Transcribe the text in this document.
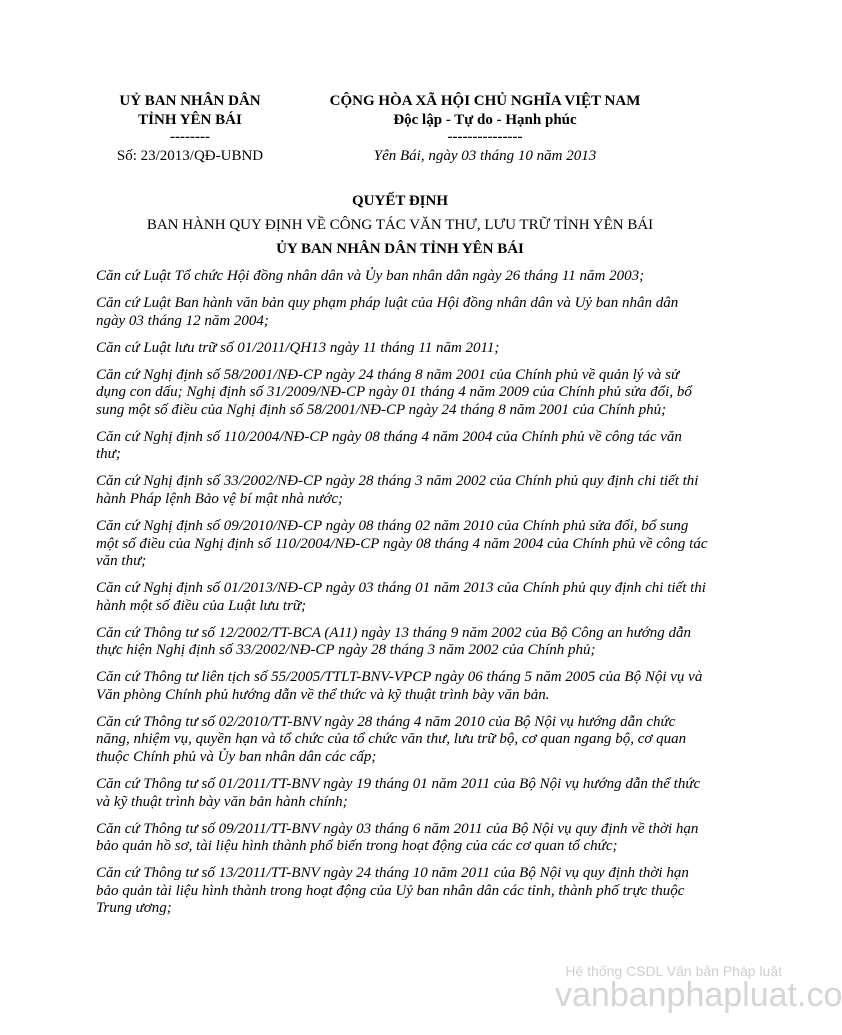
UỶ BAN NHÂN DÂN
TỈNH YÊN BÁI
--------
CỘNG HÒA XÃ HỘI CHỦ NGHĨA VIỆT NAM
Độc lập - Tự do - Hạnh phúc
---------------
Số: 23/2013/QĐ-UBND	Yên Bái, ngày 03 tháng 10 năm 2013
QUYẾT ĐỊNH
BAN HÀNH QUY ĐỊNH VỀ CÔNG TÁC VĂN THƯ, LƯU TRỮ TỈNH YÊN BÁI
ỦY BAN NHÂN DÂN TỈNH YÊN BÁI

Căn cứ Luật Tổ chức Hội đồng nhân dân và Ủy ban nhân dân ngày 26 tháng 11 năm 2003;

Căn cứ Luật Ban hành văn bản quy phạm pháp luật của Hội đồng nhân dân và Uỷ ban nhân dân ngày 03 tháng 12 năm 2004;

Căn cứ Luật lưu trữ số 01/2011/QH13 ngày 11 tháng 11 năm 2011;

Căn cứ Nghị định số 58/2001/NĐ-CP ngày 24 tháng 8 năm 2001 của Chính phủ về quản lý và sử dụng con dấu; Nghị định số 31/2009/NĐ-CP ngày 01 tháng 4 năm 2009 của Chính phủ sửa đổi, bổ sung một số điều của Nghị định số 58/2001/NĐ-CP ngày 24 tháng 8 năm 2001 của Chính phủ;

Căn cứ Nghị định số 110/2004/NĐ-CP ngày 08 tháng 4 năm 2004 của Chính phủ về công tác văn thư;

Căn cứ Nghị định số 33/2002/NĐ-CP ngày 28 tháng 3 năm 2002 của Chính phủ quy định chi tiết thi hành Pháp lệnh Bảo vệ bí mật nhà nước;

Căn cứ Nghị định số 09/2010/NĐ-CP ngày 08 tháng 02 năm 2010 của Chính phủ sửa đổi, bổ sung một số điều của Nghị định số 110/2004/NĐ-CP ngày 08 tháng 4 năm 2004 của Chính phủ về công tác văn thư;

Căn cứ Nghị định số 01/2013/NĐ-CP ngày 03 tháng 01 năm 2013 của Chính phủ quy định chi tiết thi hành một số điều của Luật lưu trữ;

Căn cứ Thông tư số 12/2002/TT-BCA (A11) ngày 13 tháng 9 năm 2002 của Bộ Công an hướng dẫn thực hiện Nghị định số 33/2002/NĐ-CP ngày 28 tháng 3 năm 2002 của Chính phủ;

Căn cứ Thông tư liên tịch số 55/2005/TTLT-BNV-VPCP ngày 06 tháng 5 năm 2005 của Bộ Nội vụ và Văn phòng Chính phủ hướng dẫn về thể thức và kỹ thuật trình bày văn bản.

Căn cứ Thông tư số 02/2010/TT-BNV ngày 28 tháng 4 năm 2010 của Bộ Nội vụ hướng dẫn chức năng, nhiệm vụ, quyền hạn và tổ chức của tổ chức văn thư, lưu trữ bộ, cơ quan ngang bộ, cơ quan thuộc Chính phủ và Ủy ban nhân dân các cấp;

Căn cứ Thông tư số 01/2011/TT-BNV ngày 19 tháng 01 năm 2011 của Bộ Nội vụ hướng dẫn thể thức và kỹ thuật trình bày văn bản hành chính;

Căn cứ Thông tư số 09/2011/TT-BNV ngày 03 tháng 6 năm 2011 của Bộ Nội vụ quy định về thời hạn bảo quản hồ sơ, tài liệu hình thành phổ biến trong hoạt động của các cơ quan tổ chức;

Căn cứ Thông tư số 13/2011/TT-BNV ngày 24 tháng 10 năm 2011 của Bộ Nội vụ quy định thời hạn bảo quản tài liệu hình thành trong hoạt động của Uỷ ban nhân dân các tỉnh, thành phố trực thuộc Trung ương;

Hệ thống CSDL Văn bản Pháp luật
vanbanphapluat.co
